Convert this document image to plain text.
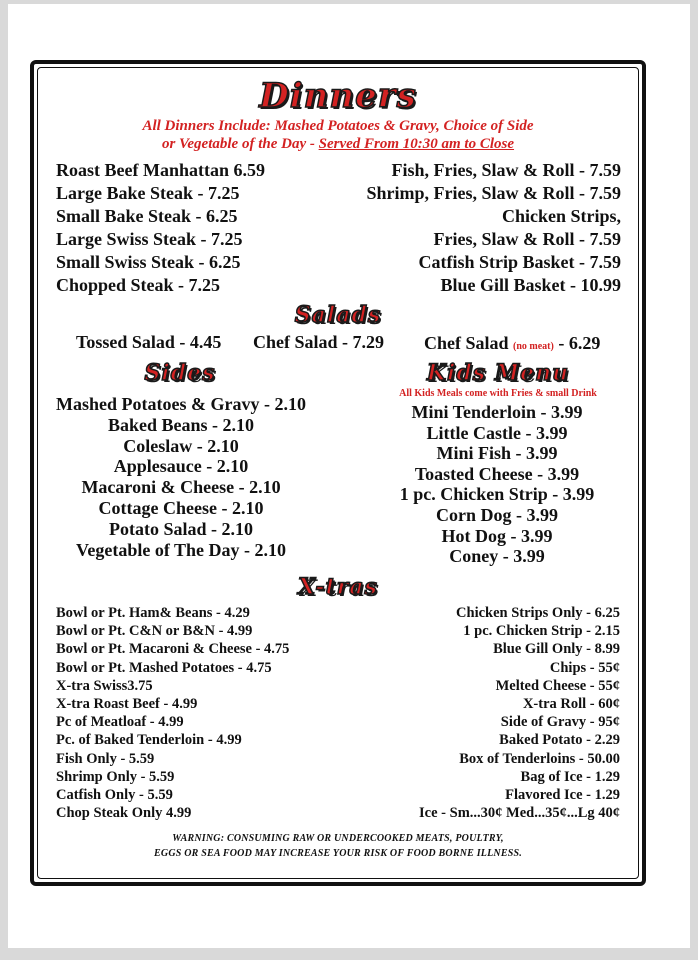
Dinners
All Dinners Include: Mashed Potatoes & Gravy, Choice of Side
or Vegetable of the Day - Served From 10:30 am to Close
Roast Beef Manhattan 6.59
Large Bake Steak - 7.25
Small Bake Steak - 6.25
Large Swiss Steak - 7.25
Small Swiss Steak - 6.25
Chopped Steak - 7.25
Fish, Fries, Slaw & Roll - 7.59
Shrimp, Fries, Slaw & Roll - 7.59
Chicken Strips,
Fries, Slaw & Roll - 7.59
Catfish Strip Basket - 7.59
Blue Gill Basket - 10.99
Salads
Tossed Salad - 4.45 Chef Salad - 7.29 Chef Salad (no meat) - 6.29
Sides
Mashed Potatoes & Gravy - 2.10
Baked Beans - 2.10
Coleslaw - 2.10
Applesauce - 2.10
Macaroni & Cheese - 2.10
Cottage Cheese - 2.10
Potato Salad - 2.10
Vegetable of The Day - 2.10
Kids Menu
All Kids Meals come with Fries & small Drink
Mini Tenderloin - 3.99
Little Castle - 3.99
Mini Fish - 3.99
Toasted Cheese - 3.99
1 pc. Chicken Strip - 3.99
Corn Dog - 3.99
Hot Dog - 3.99
Coney - 3.99
X-tras
Bowl or Pt. Ham& Beans - 4.29
Bowl or Pt. C&N or B&N - 4.99
Bowl or Pt. Macaroni & Cheese - 4.75
Bowl or Pt. Mashed Potatoes - 4.75
X-tra Swiss3.75
X-tra Roast Beef - 4.99
Pc of Meatloaf - 4.99
Pc. of Baked Tenderloin - 4.99
Fish Only - 5.59
Shrimp Only - 5.59
Catfish Only - 5.59
Chop Steak Only 4.99
Chicken Strips Only - 6.25
1 pc. Chicken Strip - 2.15
Blue Gill Only - 8.99
Chips - 55¢
Melted Cheese - 55¢
X-tra Roll - 60¢
Side of Gravy - 95¢
Baked Potato - 2.29
Box of Tenderloins - 50.00
Bag of Ice - 1.29
Flavored Ice - 1.29
Ice - Sm...30¢ Med...35¢...Lg 40¢
WARNING: CONSUMING RAW OR UNDERCOOKED MEATS, POULTRY,
EGGS OR SEA FOOD MAY INCREASE YOUR RISK OF FOOD BORNE ILLNESS.
